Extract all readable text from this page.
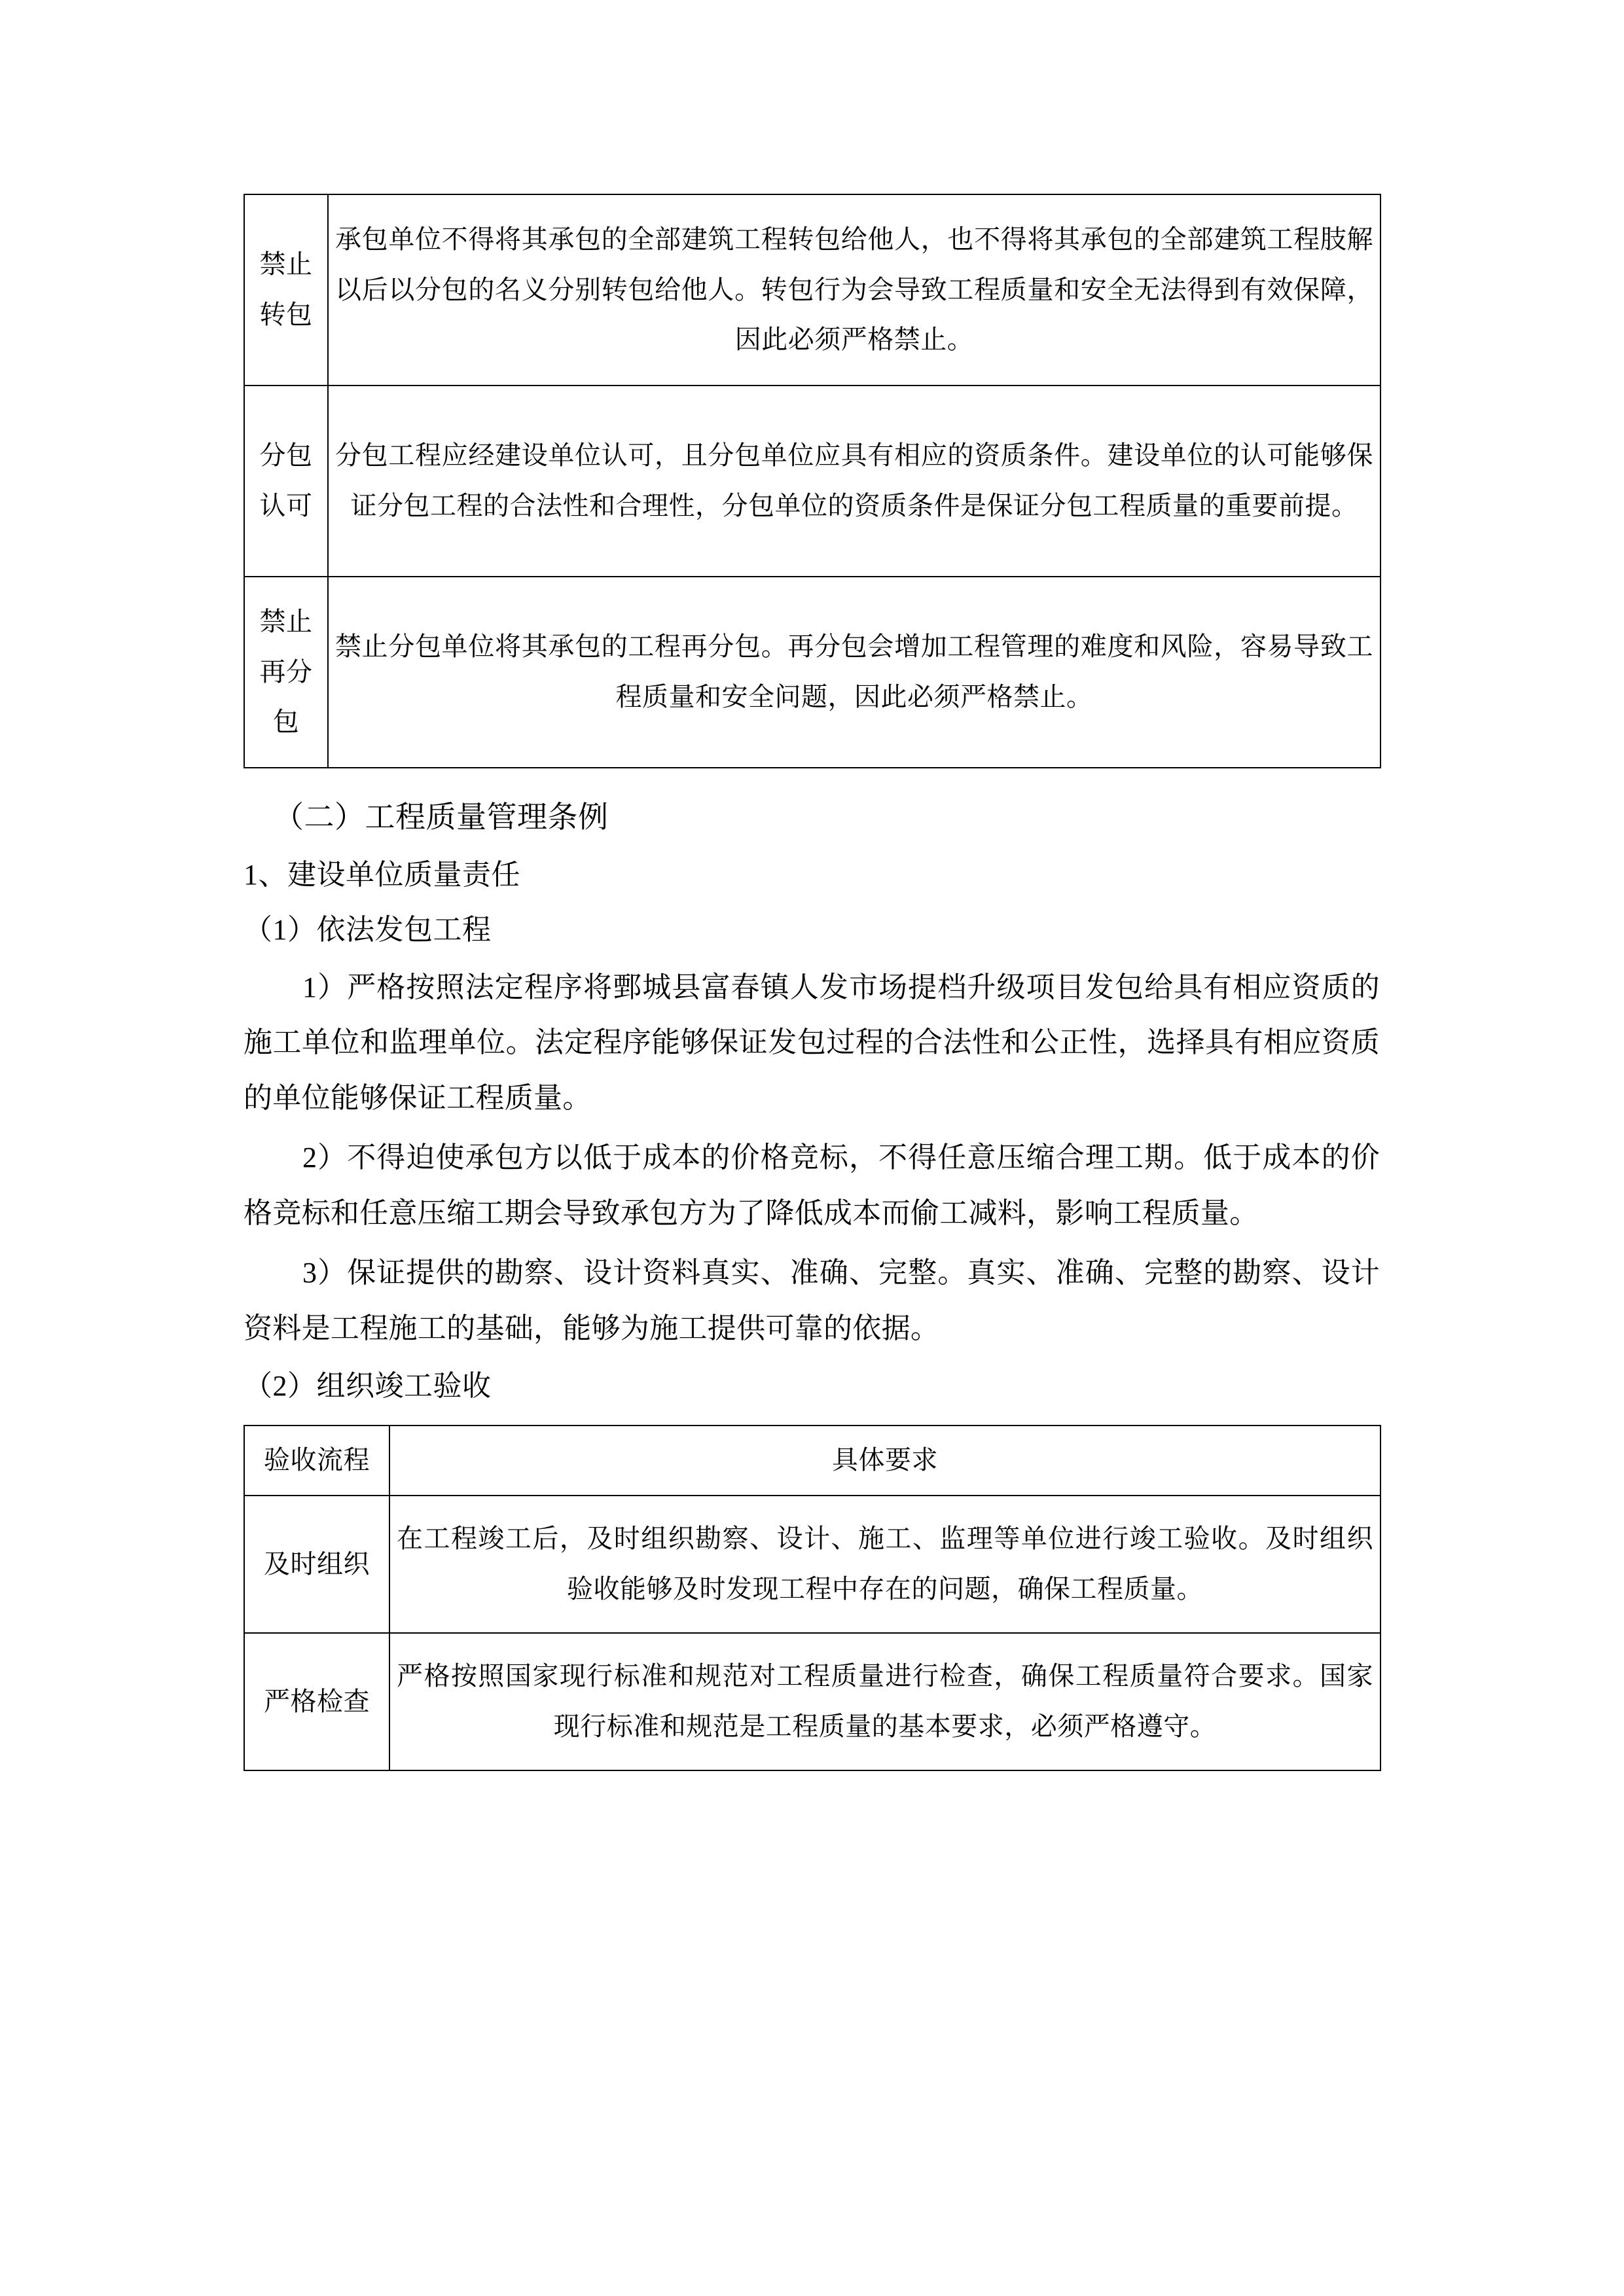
禁止转包	承包单位不得将其承包的全部建筑工程转包给他人，也不得将其承包的全部建筑工程肢解以后以分包的名义分别转包给他人。转包行为会导致工程质量和安全无法得到有效保障，因此必须严格禁止。
分包认可	分包工程应经建设单位认可，且分包单位应具有相应的资质条件。建设单位的认可能够保证分包工程的合法性和合理性，分包单位的资质条件是保证分包工程质量的重要前提。
禁止再分包	禁止分包单位将其承包的工程再分包。再分包会增加工程管理的难度和风险，容易导致工程质量和安全问题，因此必须严格禁止。
（二）工程质量管理条例
1、建设单位质量责任
（1）依法发包工程

1）严格按照法定程序将鄄城县富春镇人发市场提档升级项目发包给具有相应资质的施工单位和监理单位。法定程序能够保证发包过程的合法性和公正性，选择具有相应资质的单位能够保证工程质量。

2）不得迫使承包方以低于成本的价格竞标，不得任意压缩合理工期。低于成本的价格竞标和任意压缩工期会导致承包方为了降低成本而偷工减料，影响工程质量。

3）保证提供的勘察、设计资料真实、准确、完整。真实、准确、完整的勘察、设计资料是工程施工的基础，能够为施工提供可靠的依据。

（2）组织竣工验收
验收流程	具体要求
及时组织	在工程竣工后，及时组织勘察、设计、施工、监理等单位进行竣工验收。及时组织验收能够及时发现工程中存在的问题，确保工程质量。
严格检查	严格按照国家现行标准和规范对工程质量进行检查，确保工程质量符合要求。国家现行标准和规范是工程质量的基本要求，必须严格遵守。
